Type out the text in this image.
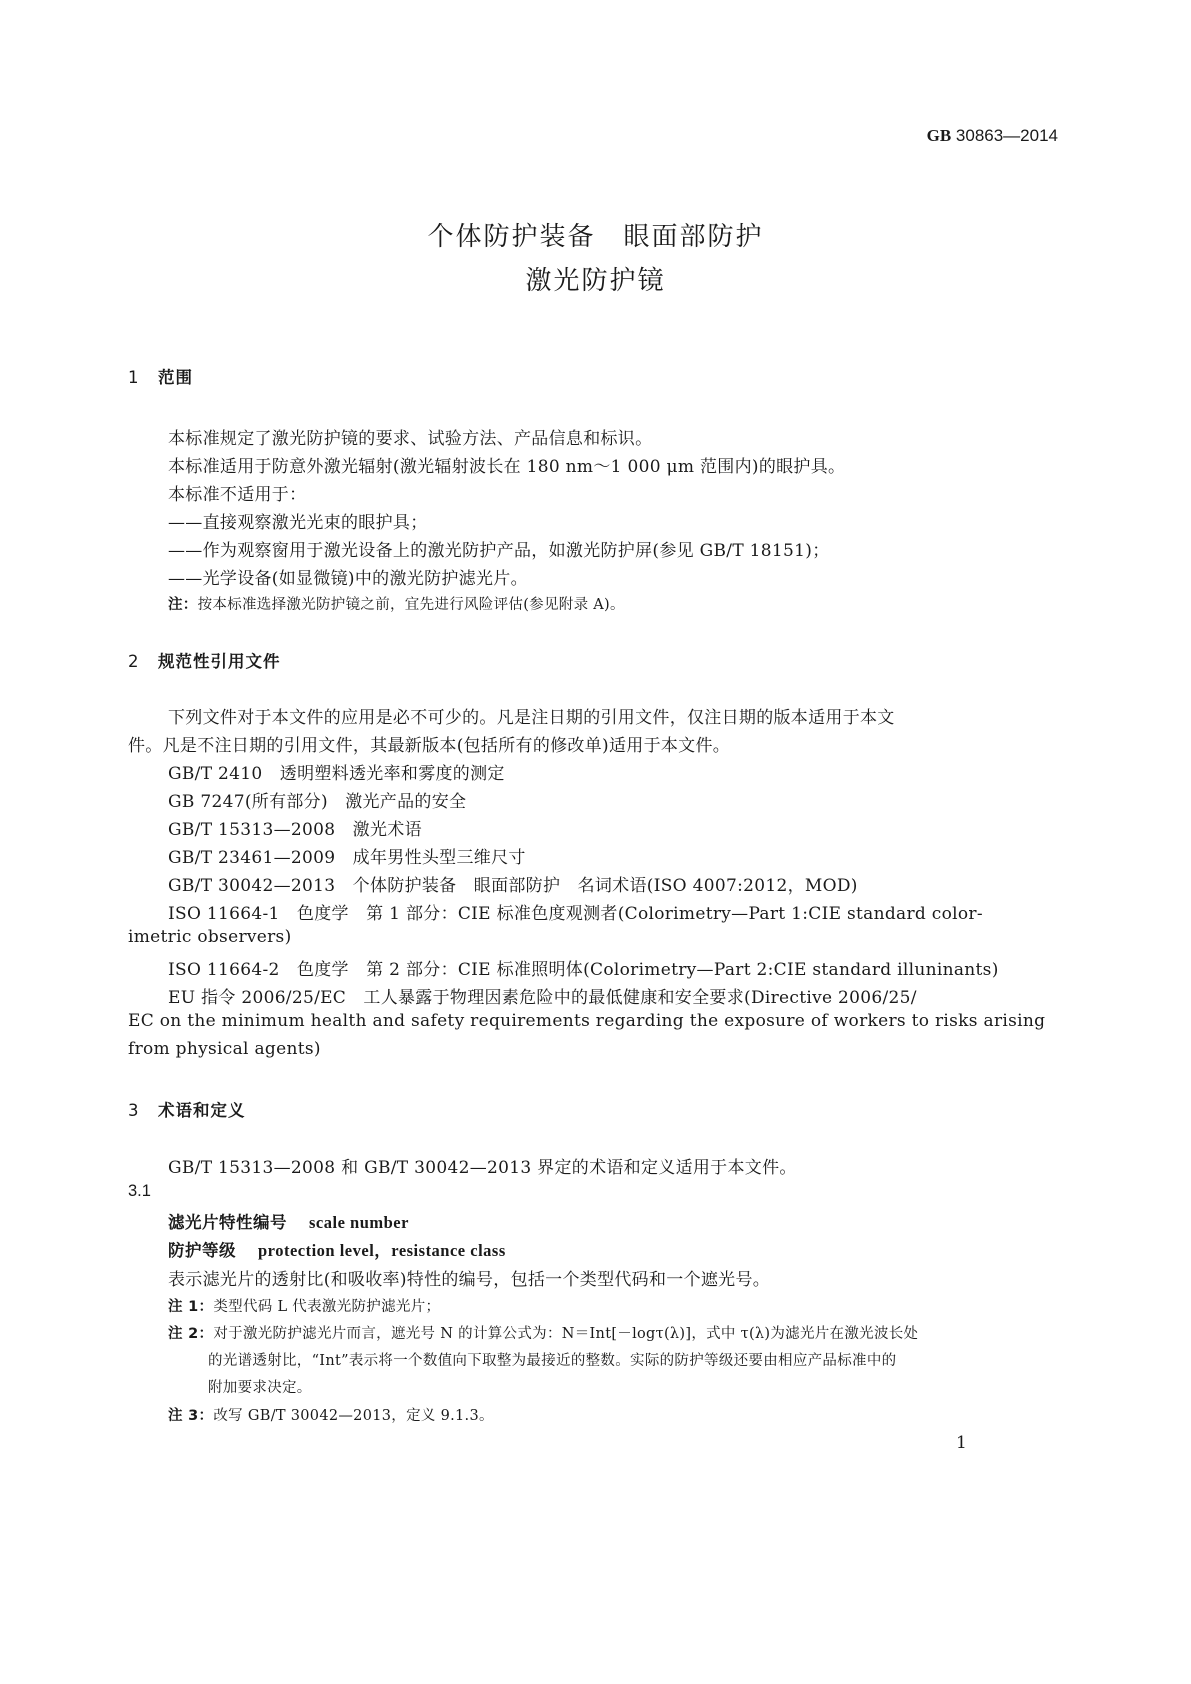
GB 30863—2014
个体防护装备　眼面部防护
激光防护镜
1 范围
本标准规定了激光防护镜的要求、试验方法、产品信息和标识。
本标准适用于防意外激光辐射(激光辐射波长在 180 nm～1 000 μm 范围内)的眼护具。
本标准不适用于：
——直接观察激光光束的眼护具；
——作为观察窗用于激光设备上的激光防护产品，如激光防护屏(参见 GB/T 18151)；
——光学设备(如显微镜)中的激光防护滤光片。
注：按本标准选择激光防护镜之前，宜先进行风险评估(参见附录 A)。
2 规范性引用文件
下列文件对于本文件的应用是必不可少的。凡是注日期的引用文件，仅注日期的版本适用于本文
件。凡是不注日期的引用文件，其最新版本(包括所有的修改单)适用于本文件。
GB/T 2410　透明塑料透光率和雾度的测定
GB 7247(所有部分)　激光产品的安全
GB/T 15313—2008　激光术语
GB/T 23461—2009　成年男性头型三维尺寸
GB/T 30042—2013　个体防护装备　眼面部防护　名词术语(ISO 4007:2012，MOD)
ISO 11664-1　色度学　第 1 部分：CIE 标准色度观测者(Colorimetry—Part 1:CIE standard color-
imetric observers)
ISO 11664-2　色度学　第 2 部分：CIE 标准照明体(Colorimetry—Part 2:CIE standard illuninants)
EU 指令 2006/25/EC　工人暴露于物理因素危险中的最低健康和安全要求(Directive 2006/25/
EC on the minimum health and safety requirements regarding the exposure of workers to risks arising
from physical agents)
3 术语和定义
GB/T 15313—2008 和 GB/T 30042—2013 界定的术语和定义适用于本文件。
3.1
滤光片特性编号 scale number
防护等级 protection level，resistance class
表示滤光片的透射比(和吸收率)特性的编号，包括一个类型代码和一个遮光号。
注 1：类型代码 L 代表激光防护滤光片；
注 2：对于激光防护滤光片而言，遮光号 N 的计算公式为：N＝Int[－logτ(λ)]，式中 τ(λ)为滤光片在激光波长处
的光谱透射比，“Int”表示将一个数值向下取整为最接近的整数。实际的防护等级还要由相应产品标准中的
附加要求决定。
注 3：改写 GB/T 30042—2013，定义 9.1.3。
1
